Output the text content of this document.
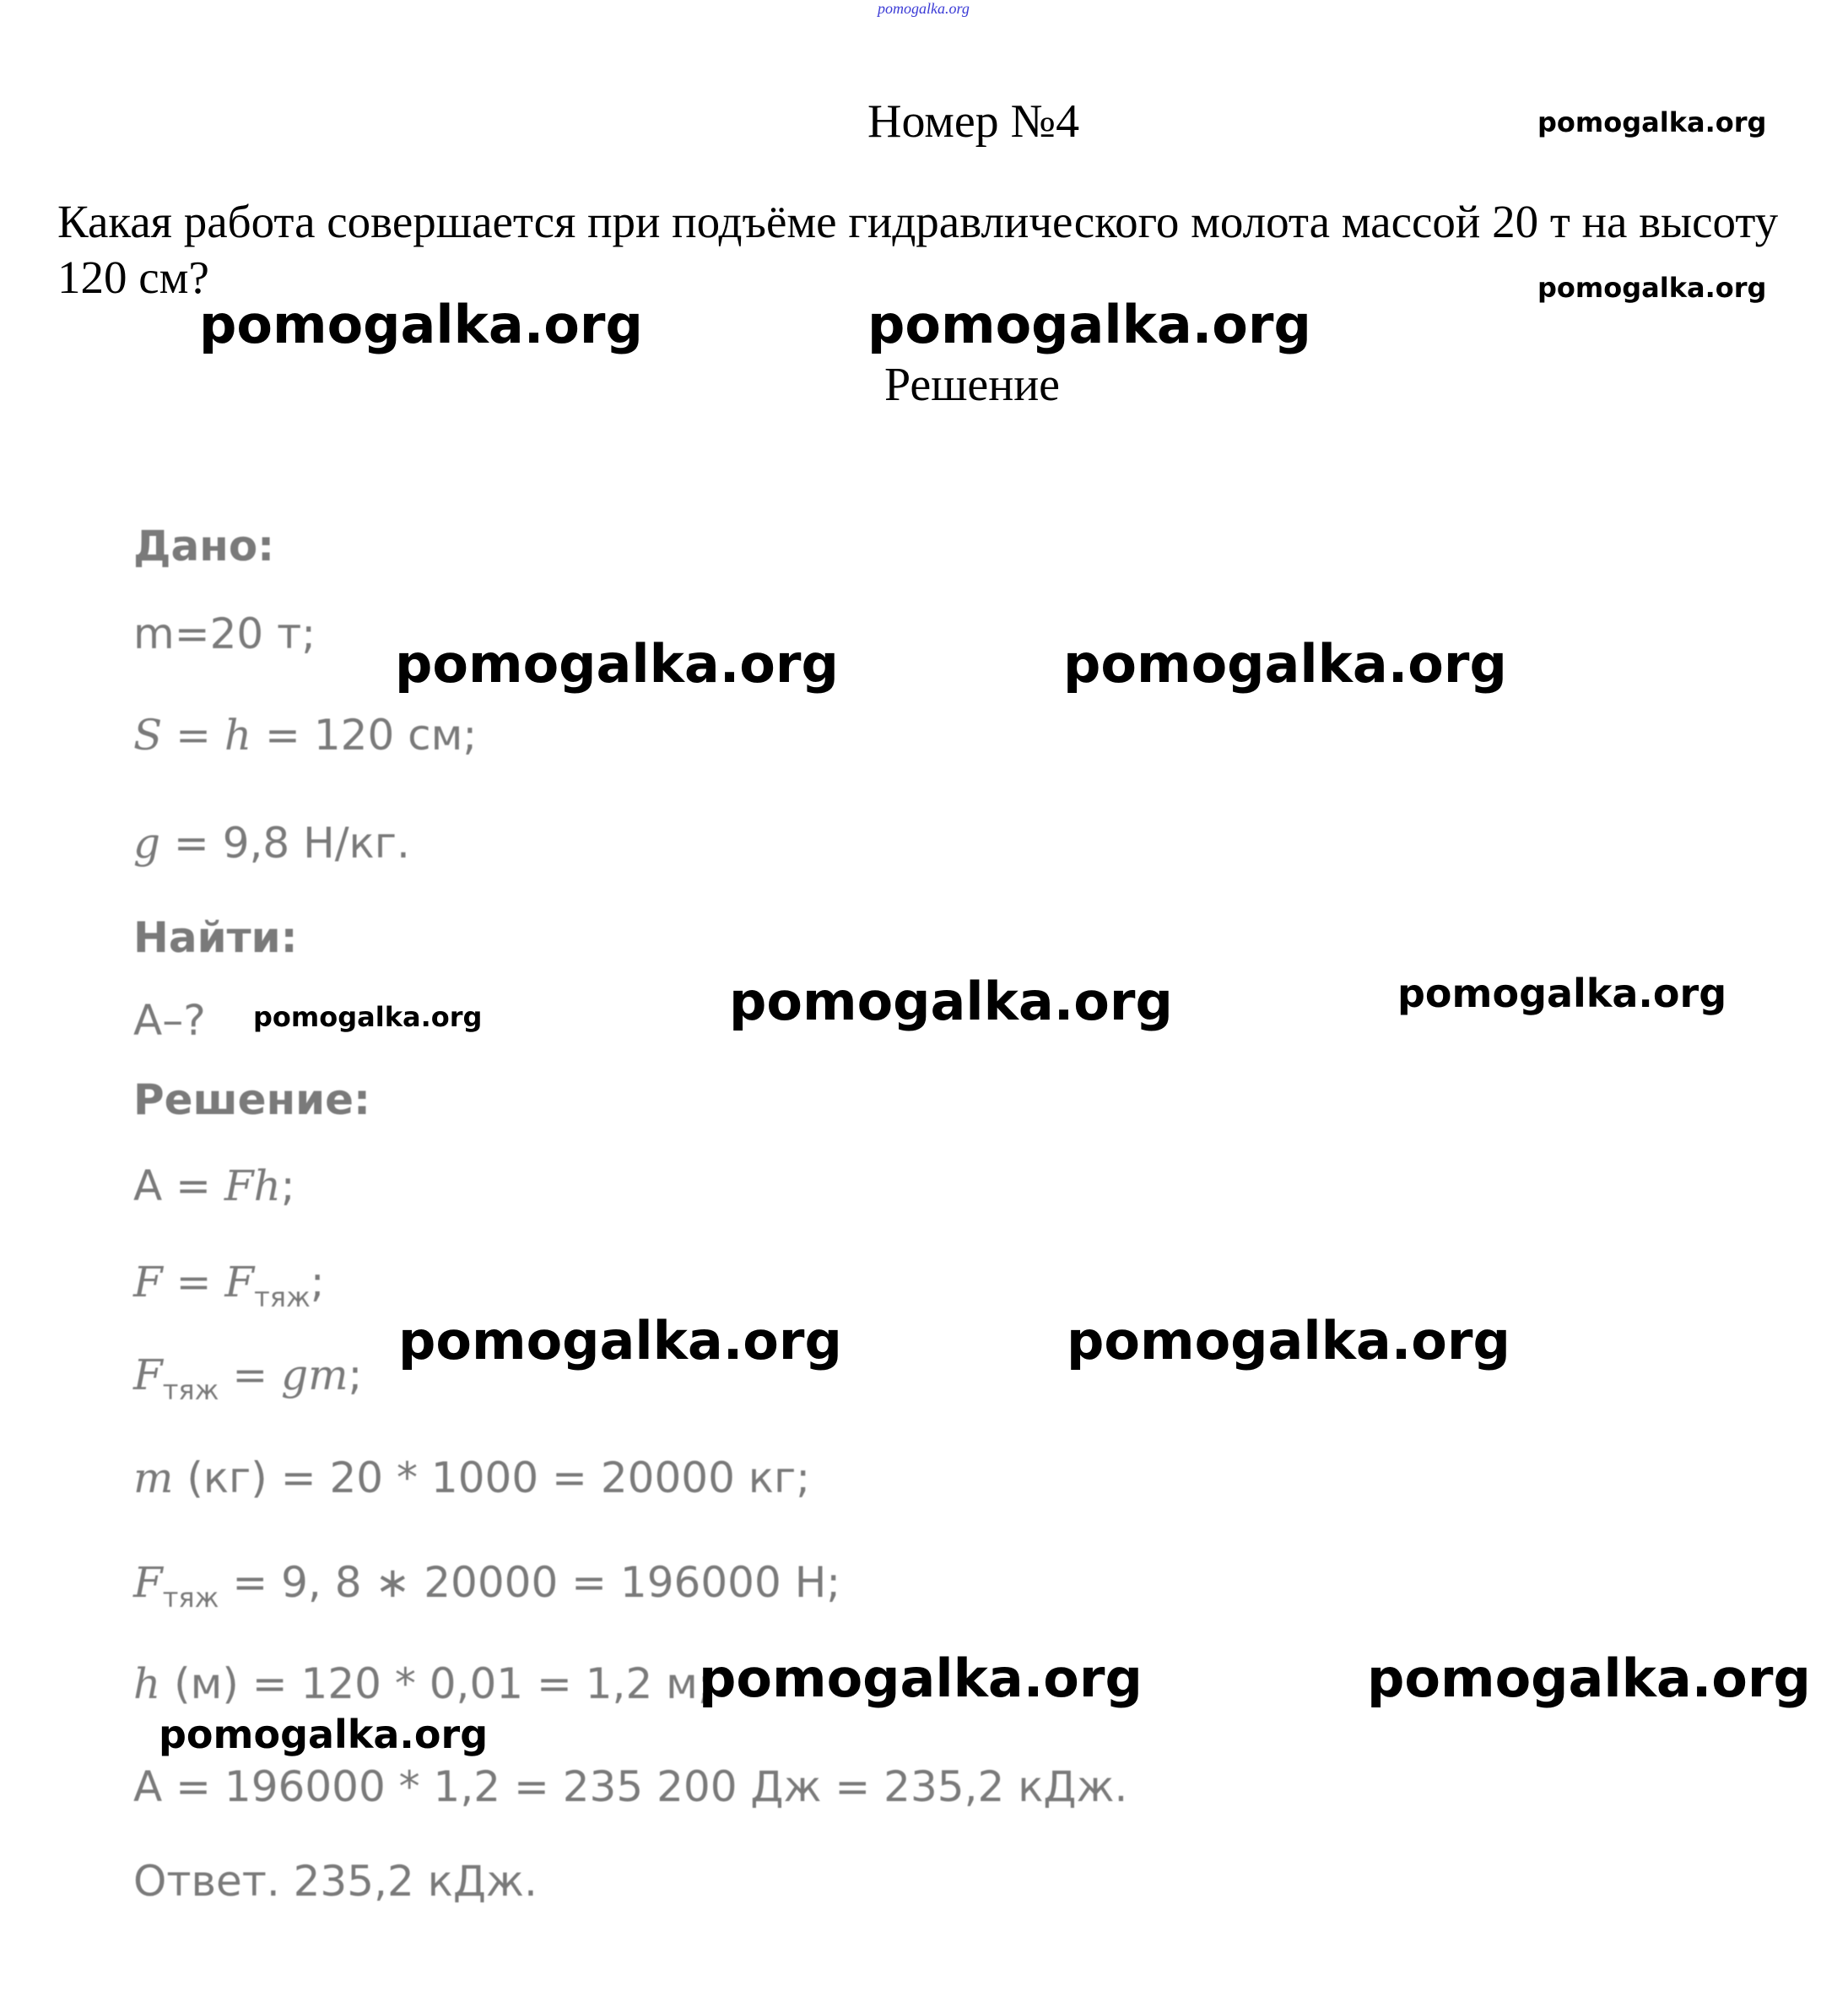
pomogalka.org
Номер №4	pomogalka.org
Какая работа совершается при подъёме гидравлического молота массой 20 т на высоту 120 см?	pomogalka.org
pomogalka.org	pomogalka.org
Решение
Дано:
m=20 т; pomogalka.org	pomogalka.org
S = h = 120 см;
g = 9,8 Н/кг.
Найти:
A–? pomogalka.org	pomogalka.org	pomogalka.org
Решение:
A = Fh;
$F = F_{тяж}$;
pomogalka.org	pomogalka.org
$F_{тяж}$ = gm;
m (кг) = 20 * 1000 = 20000 кг;
$F_{тяж} = 9$, 8 ∗ 20000 = 196000 Н;
h (м) = 120 * 0,01 = 1,2 м;
pomogalka.org	pomogalka.org
pomogalka.org
A = 196000 * 1,2 = 235 200 Дж = 235,2 кДж.
Ответ. 235,2 кДж.
